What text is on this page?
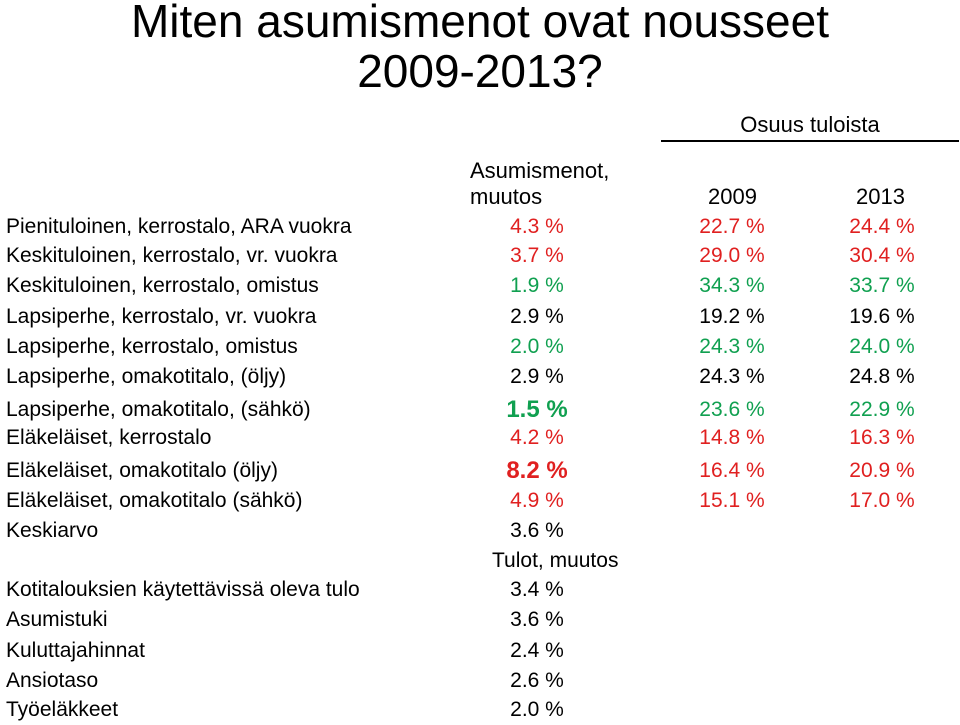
Miten asumismenot ovat nousseet
2009-2013?
Osuus tuloista
Asumismenot,
muutos	2009	2013
Pienituloinen, kerrostalo, ARA vuokra	4.3 %	22.7 %	24.4 %
Keskituloinen, kerrostalo, vr. vuokra	3.7 %	29.0 %	30.4 %
Keskituloinen, kerrostalo, omistus	1.9 %	34.3 %	33.7 %
Lapsiperhe, kerrostalo, vr. vuokra	2.9 %	19.2 %	19.6 %
Lapsiperhe, kerrostalo, omistus	2.0 %	24.3 %	24.0 %
Lapsiperhe, omakotitalo, (öljy)	2.9 %	24.3 %	24.8 %
Lapsiperhe, omakotitalo, (sähkö)	1.5 %	23.6 %	22.9 %
Eläkeläiset, kerrostalo	4.2 %	14.8 %	16.3 %
Eläkeläiset, omakotitalo (öljy)	8.2 %	16.4 %	20.9 %
Eläkeläiset, omakotitalo (sähkö)	4.9 %	15.1 %	17.0 %
Keskiarvo	3.6 %
Tulot, muutos
Kotitalouksien käytettävissä oleva tulo	3.4 %
Asumistuki	3.6 %
Kuluttajahinnat	2.4 %
Ansiotaso	2.6 %
Työeläkkeet	2.0 %
